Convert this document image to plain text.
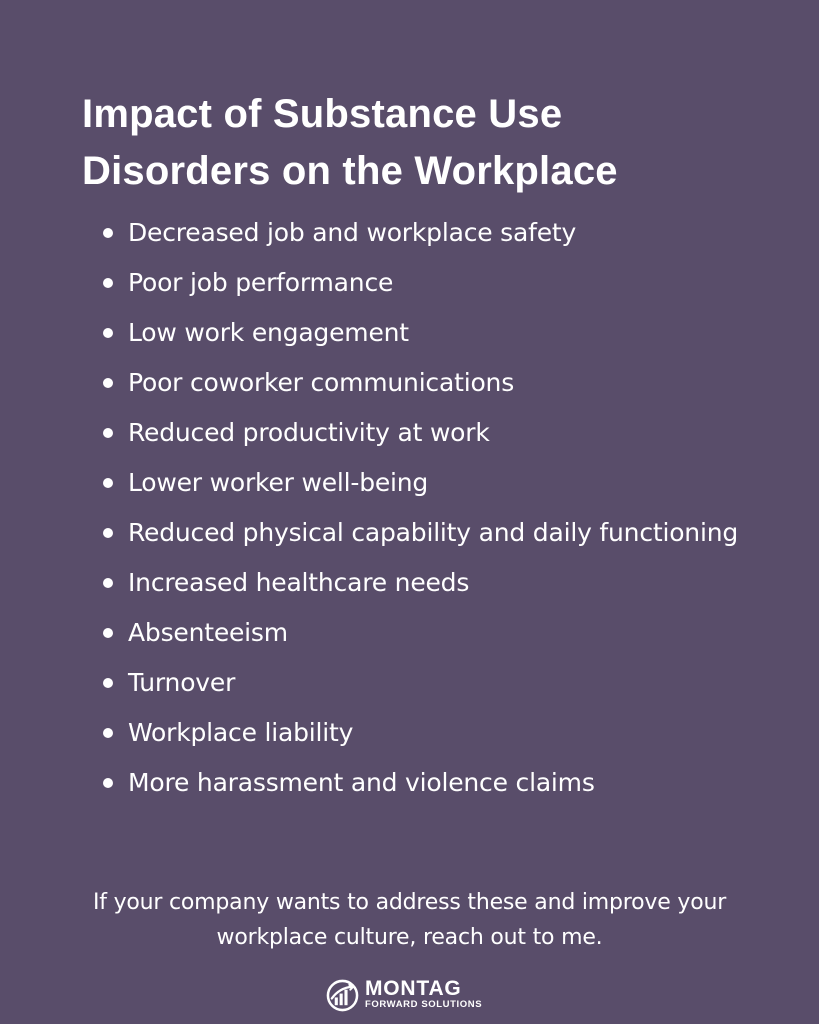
Impact of Substance Use Disorders on the Workplace
Decreased job and workplace safety
Poor job performance
Low work engagement
Poor coworker communications
Reduced productivity at work
Lower worker well-being
Reduced physical capability and daily functioning
Increased healthcare needs
Absenteeism
Turnover
Workplace liability
More harassment and violence claims

If your company wants to address these and improve your workplace culture, reach out to me.

MONTAG
FORWARD SOLUTIONS
